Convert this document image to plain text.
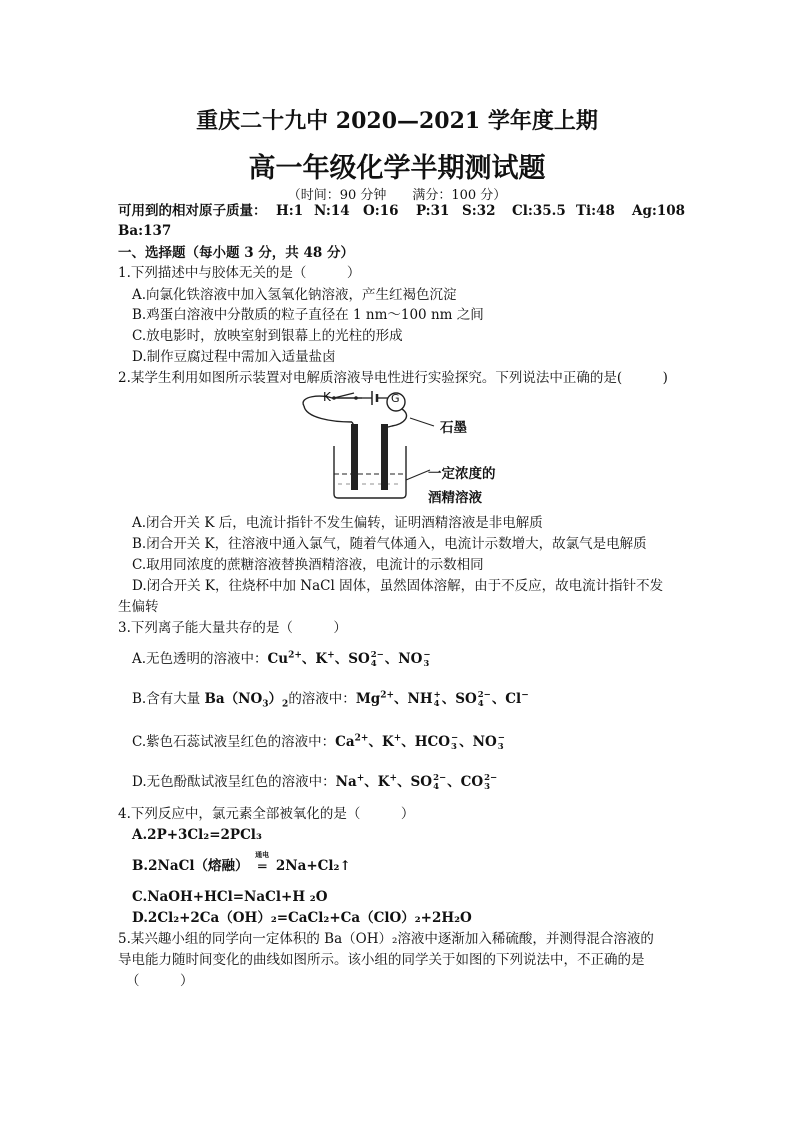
重庆二十九中 2020—2021 学年度上期
高一年级化学半期测试题
（时间：90 分钟　　满分：100 分）
可用到的相对原子质量： H:1 N:14 O:16 P:31 S:32 Cl:35.5 Ti:48 Ag:108
Ba:137
一、选择题（每小题 3 分，共 48 分）
1.下列描述中与胶体无关的是（　　　）
A.向氯化铁溶液中加入氢氧化钠溶液，产生红褐色沉淀
B.鸡蛋白溶液中分散质的粒子直径在 1 nm～100 nm 之间
C.放电影时，放映室射到银幕上的光柱的形成
D.制作豆腐过程中需加入适量盐卤
2.某学生利用如图所示装置对电解质溶液导电性进行实验探究。下列说法中正确的是(　　　)
K	G
石墨
一定浓度的
酒精溶液
A.闭合开关 K 后，电流计指针不发生偏转，证明酒精溶液是非电解质
B.闭合开关 K，往溶液中通入氯气，随着气体通入，电流计示数增大，故氯气是电解质
C.取用同浓度的蔗糖溶液替换酒精溶液，电流计的示数相同
D.闭合开关 K，往烧杯中加 NaCl 固体，虽然固体溶解，由于不反应，故电流计指针不发
生偏转
3.下列离子能大量共存的是（　　　）
A.无色透明的溶液中：$Cu^{2+}$、K+、SO 2−
4 、NO −
3
B.含有大量 $Ba(NO_3)_2$的溶液中：$Mg^{2+}$、NH +
4 、SO 2−
4 、Cl−
C.紫色石蕊试液呈红色的溶液中：$Ca^{2+}$、K+、HCO −
3 、NO −
3
D.无色酚酞试液呈红色的溶液中：Na+、K+、SO 2−
4 、CO 2−
3
4.下列反应中，氯元素全部被氧化的是（　　　）
A.2P+3Cl₂=2PCl₃
B.2NaCl（熔融）
通电
═ 2Na+Cl₂↑
C.NaOH+HCl=NaCl+H ₂O
D.2Cl₂+2Ca（OH）₂=CaCl₂+Ca（ClO）₂+2H₂O
5.某兴趣小组的同学向一定体积的 Ba（OH）₂溶液中逐渐加入稀硫酸，并测得混合溶液的
导电能力随时间变化的曲线如图所示。该小组的同学关于如图的下列说法中，不正确的是
（　　　）
